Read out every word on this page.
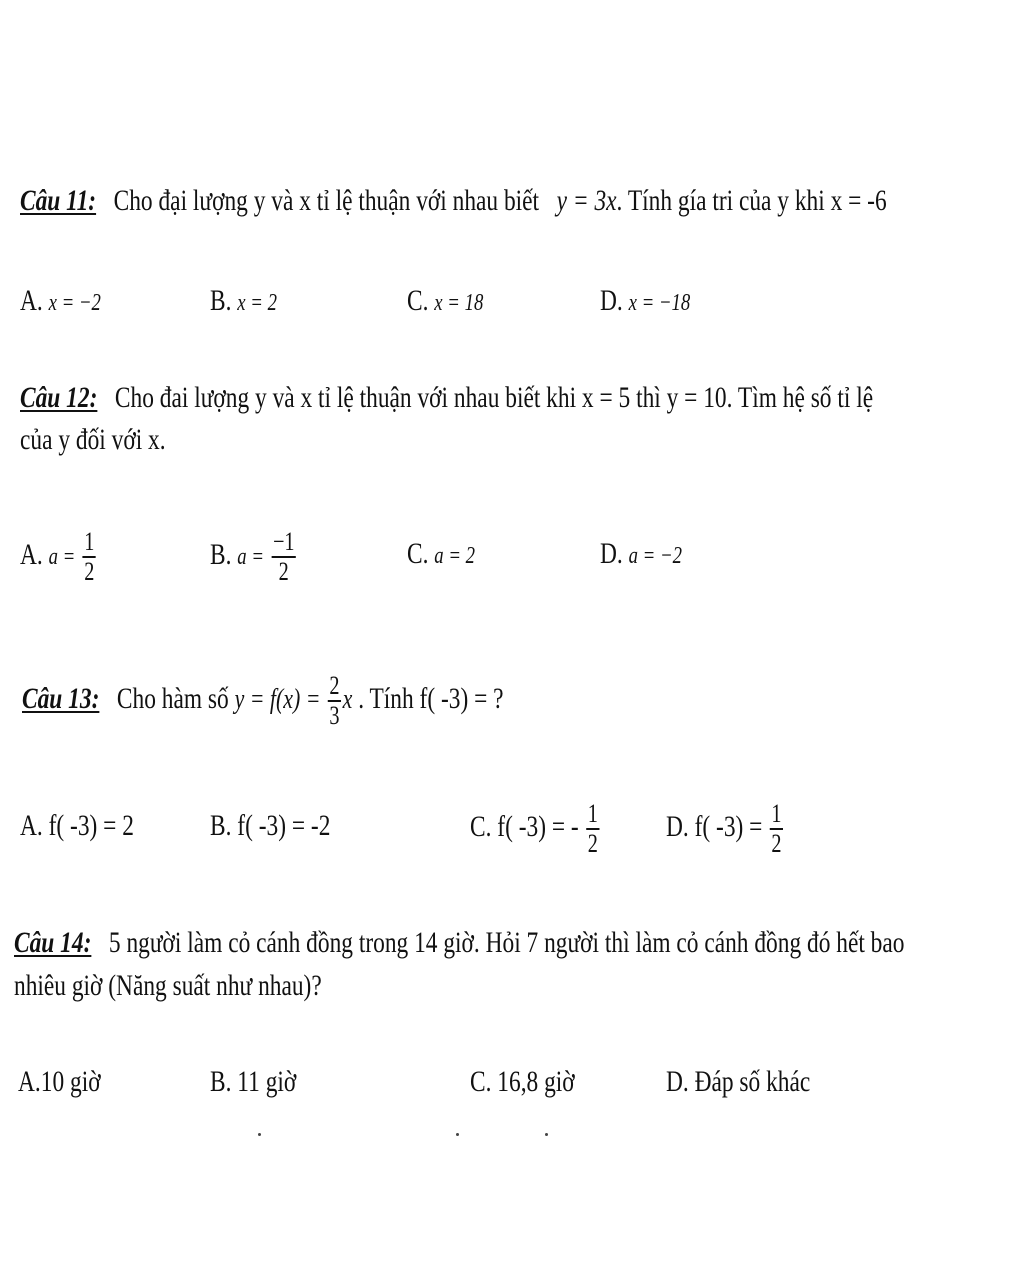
Câu 11: Cho đại lượng y và x tỉ lệ thuận với nhau biết y = 3x. Tính gía tri của y khi x = -6
A. x = −2	B. x = 2	C. x = 18	D. x = −18
Câu 12: Cho đai lượng y và x tỉ lệ thuận với nhau biết khi x = 5 thì y = 10. Tìm hệ số tỉ lệ
của y đối với x.
A. $a = \frac{1}{2}$	B. $a = \frac{-1}{2}$	C. a = 2	D. a = −2
Câu 13: Cho hàm số $y = f(x) = \frac{2}{3}$ x . Tính f( -3) = ?
A. f( -3) = 2	B. f( -3) = -2	C. f( -3) = - $\frac{1}{2} D$. f( $-3) = \frac{1}{2}$
Câu 14: 5 người làm cỏ cánh đồng trong 14 giờ. Hỏi 7 người thì làm cỏ cánh đồng đó hết bao
nhiêu giờ (Năng suất như nhau)?
A.10 giờ	B. 11 giờ	C. 16,8 giờ	D. Đáp số khác
